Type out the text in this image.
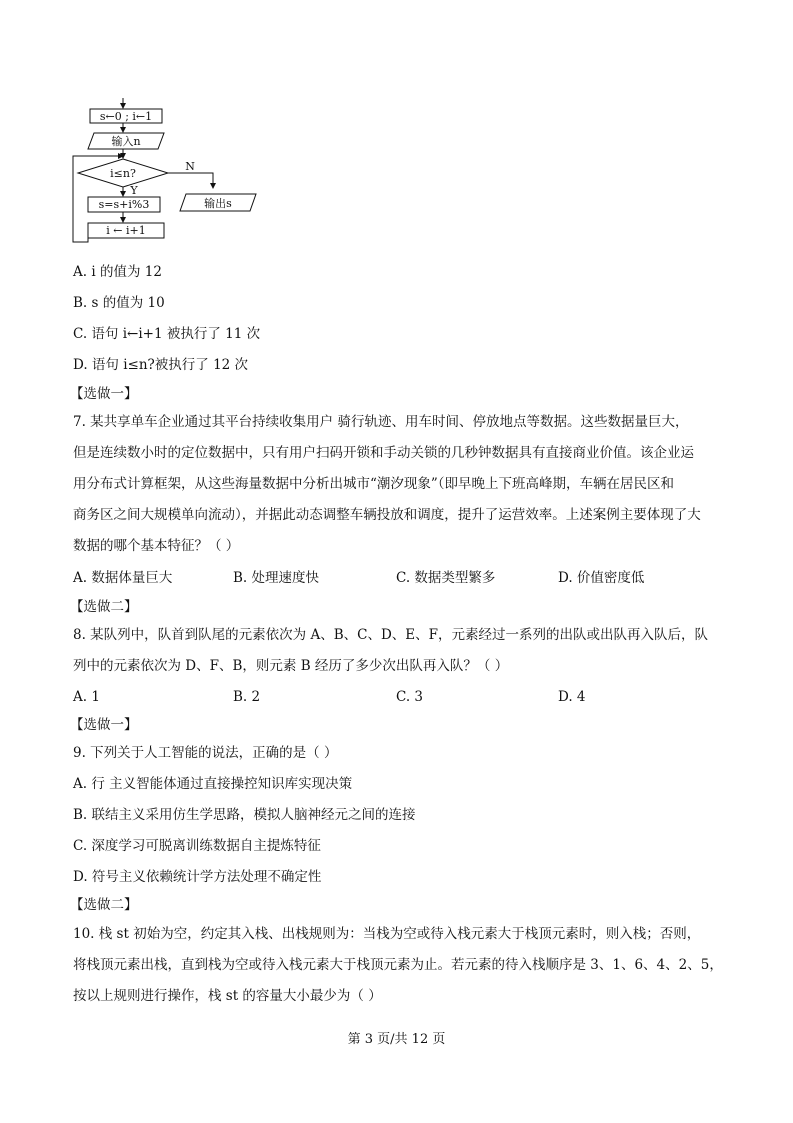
s←0 ; i←1
输入n
i≤n?
N
输出s
Y
s=s+i%3
i ← i+1
A. i 的值为 12
B. s 的值为 10
C. 语句 i←i+1 被执行了 11 次
D. 语句 i≤n?被执行了 12 次
【选做一】
7. 某共享单车企业通过其平台持续收集用户 骑行轨迹、用车时间、停放地点等数据。这些数据量巨大，
但是连续数小时的定位数据中，只有用户扫码开锁和手动关锁的几秒钟数据具有直接商业价值。该企业运
用分布式计算框架，从这些海量数据中分析出城市“潮汐现象”（即早晚上下班高峰期，车辆在居民区和
商务区之间大规模单向流动），并据此动态调整车辆投放和调度，提升了运营效率。上述案例主要体现了大
数据的哪个基本特征？（ ）
A. 数据体量巨大	B. 处理速度快	C. 数据类型繁多	D. 价值密度低
【选做二】
8. 某队列中，队首到队尾的元素依次为 A、B、C、D、E、F，元素经过一系列的出队或出队再入队后，队
列中的元素依次为 D、F、B，则元素 B 经历了多少次出队再入队？（ ）
A. 1	B. 2	C. 3	D. 4
【选做一】
9. 下列关于人工智能的说法，正确的是（ ）
A. 行 主义智能体通过直接操控知识库实现决策
B. 联结主义采用仿生学思路，模拟人脑神经元之间的连接
C. 深度学习可脱离训练数据自主提炼特征
D. 符号主义依赖统计学方法处理不确定性
【选做二】
10. 栈 st 初始为空，约定其入栈、出栈规则为：当栈为空或待入栈元素大于栈顶元素时，则入栈；否则，
将栈顶元素出栈，直到栈为空或待入栈元素大于栈顶元素为止。若元素的待入栈顺序是 3、1、6、4、2、5，
按以上规则进行操作，栈 st 的容量大小最少为（ ）
第 3 页/共 12 页
